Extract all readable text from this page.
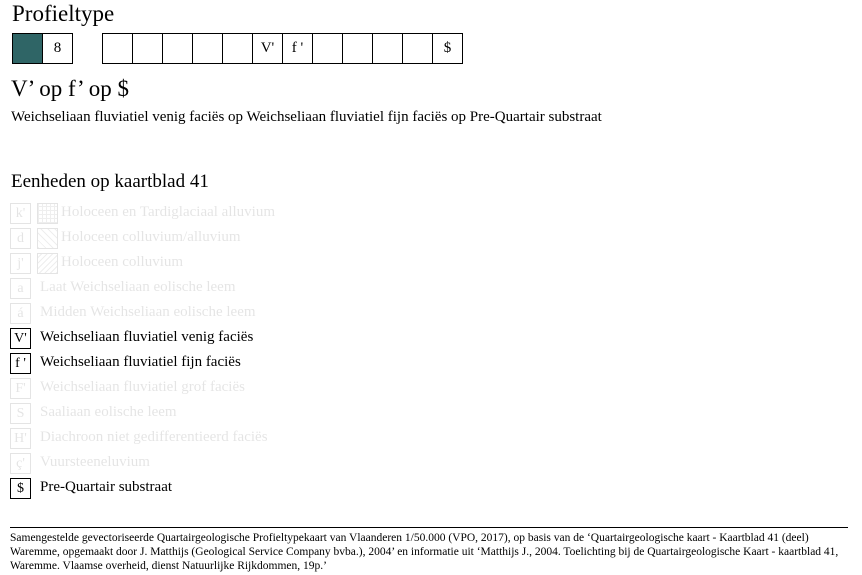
Profieltype
8	V'	f '	$
V’ op f’ op $
Weichseliaan fluviatiel venig faciës op Weichseliaan fluviatiel fijn faciës op Pre-Quartair substraat
Eenheden op kaartblad 41
k'	Holoceen en Tardiglaciaal alluvium
d	Holoceen colluvium/alluvium
j'	Holoceen colluvium
a	Laat Weichseliaan eolische leem
á	Midden Weichseliaan eolische leem
V' Weichseliaan fluviatiel venig faciës
f ' Weichseliaan fluviatiel fijn faciës
F' Weichseliaan fluviatiel grof faciës
S	Saaliaan eolische leem
H' Diachroon niet gedifferentieerd faciës
ç'	Vuursteeneluvium
$	Pre-Quartair substraat
Samengestelde gevectoriseerde Quartairgeologische Profieltypekaart van Vlaanderen 1/50.000 (VPO, 2017), op basis van de ‘Quartairgeologische kaart - Kaartblad 41 (deel) Waremme, opgemaakt door J. Matthijs (Geological Service Company bvba.), 2004’ en informatie uit ‘Matthijs J., 2004. Toelichting bij de Quartairgeologische Kaart - kaartblad 41, Waremme. Vlaamse overheid, dienst Natuurlijke Rijkdommen, 19p.’
